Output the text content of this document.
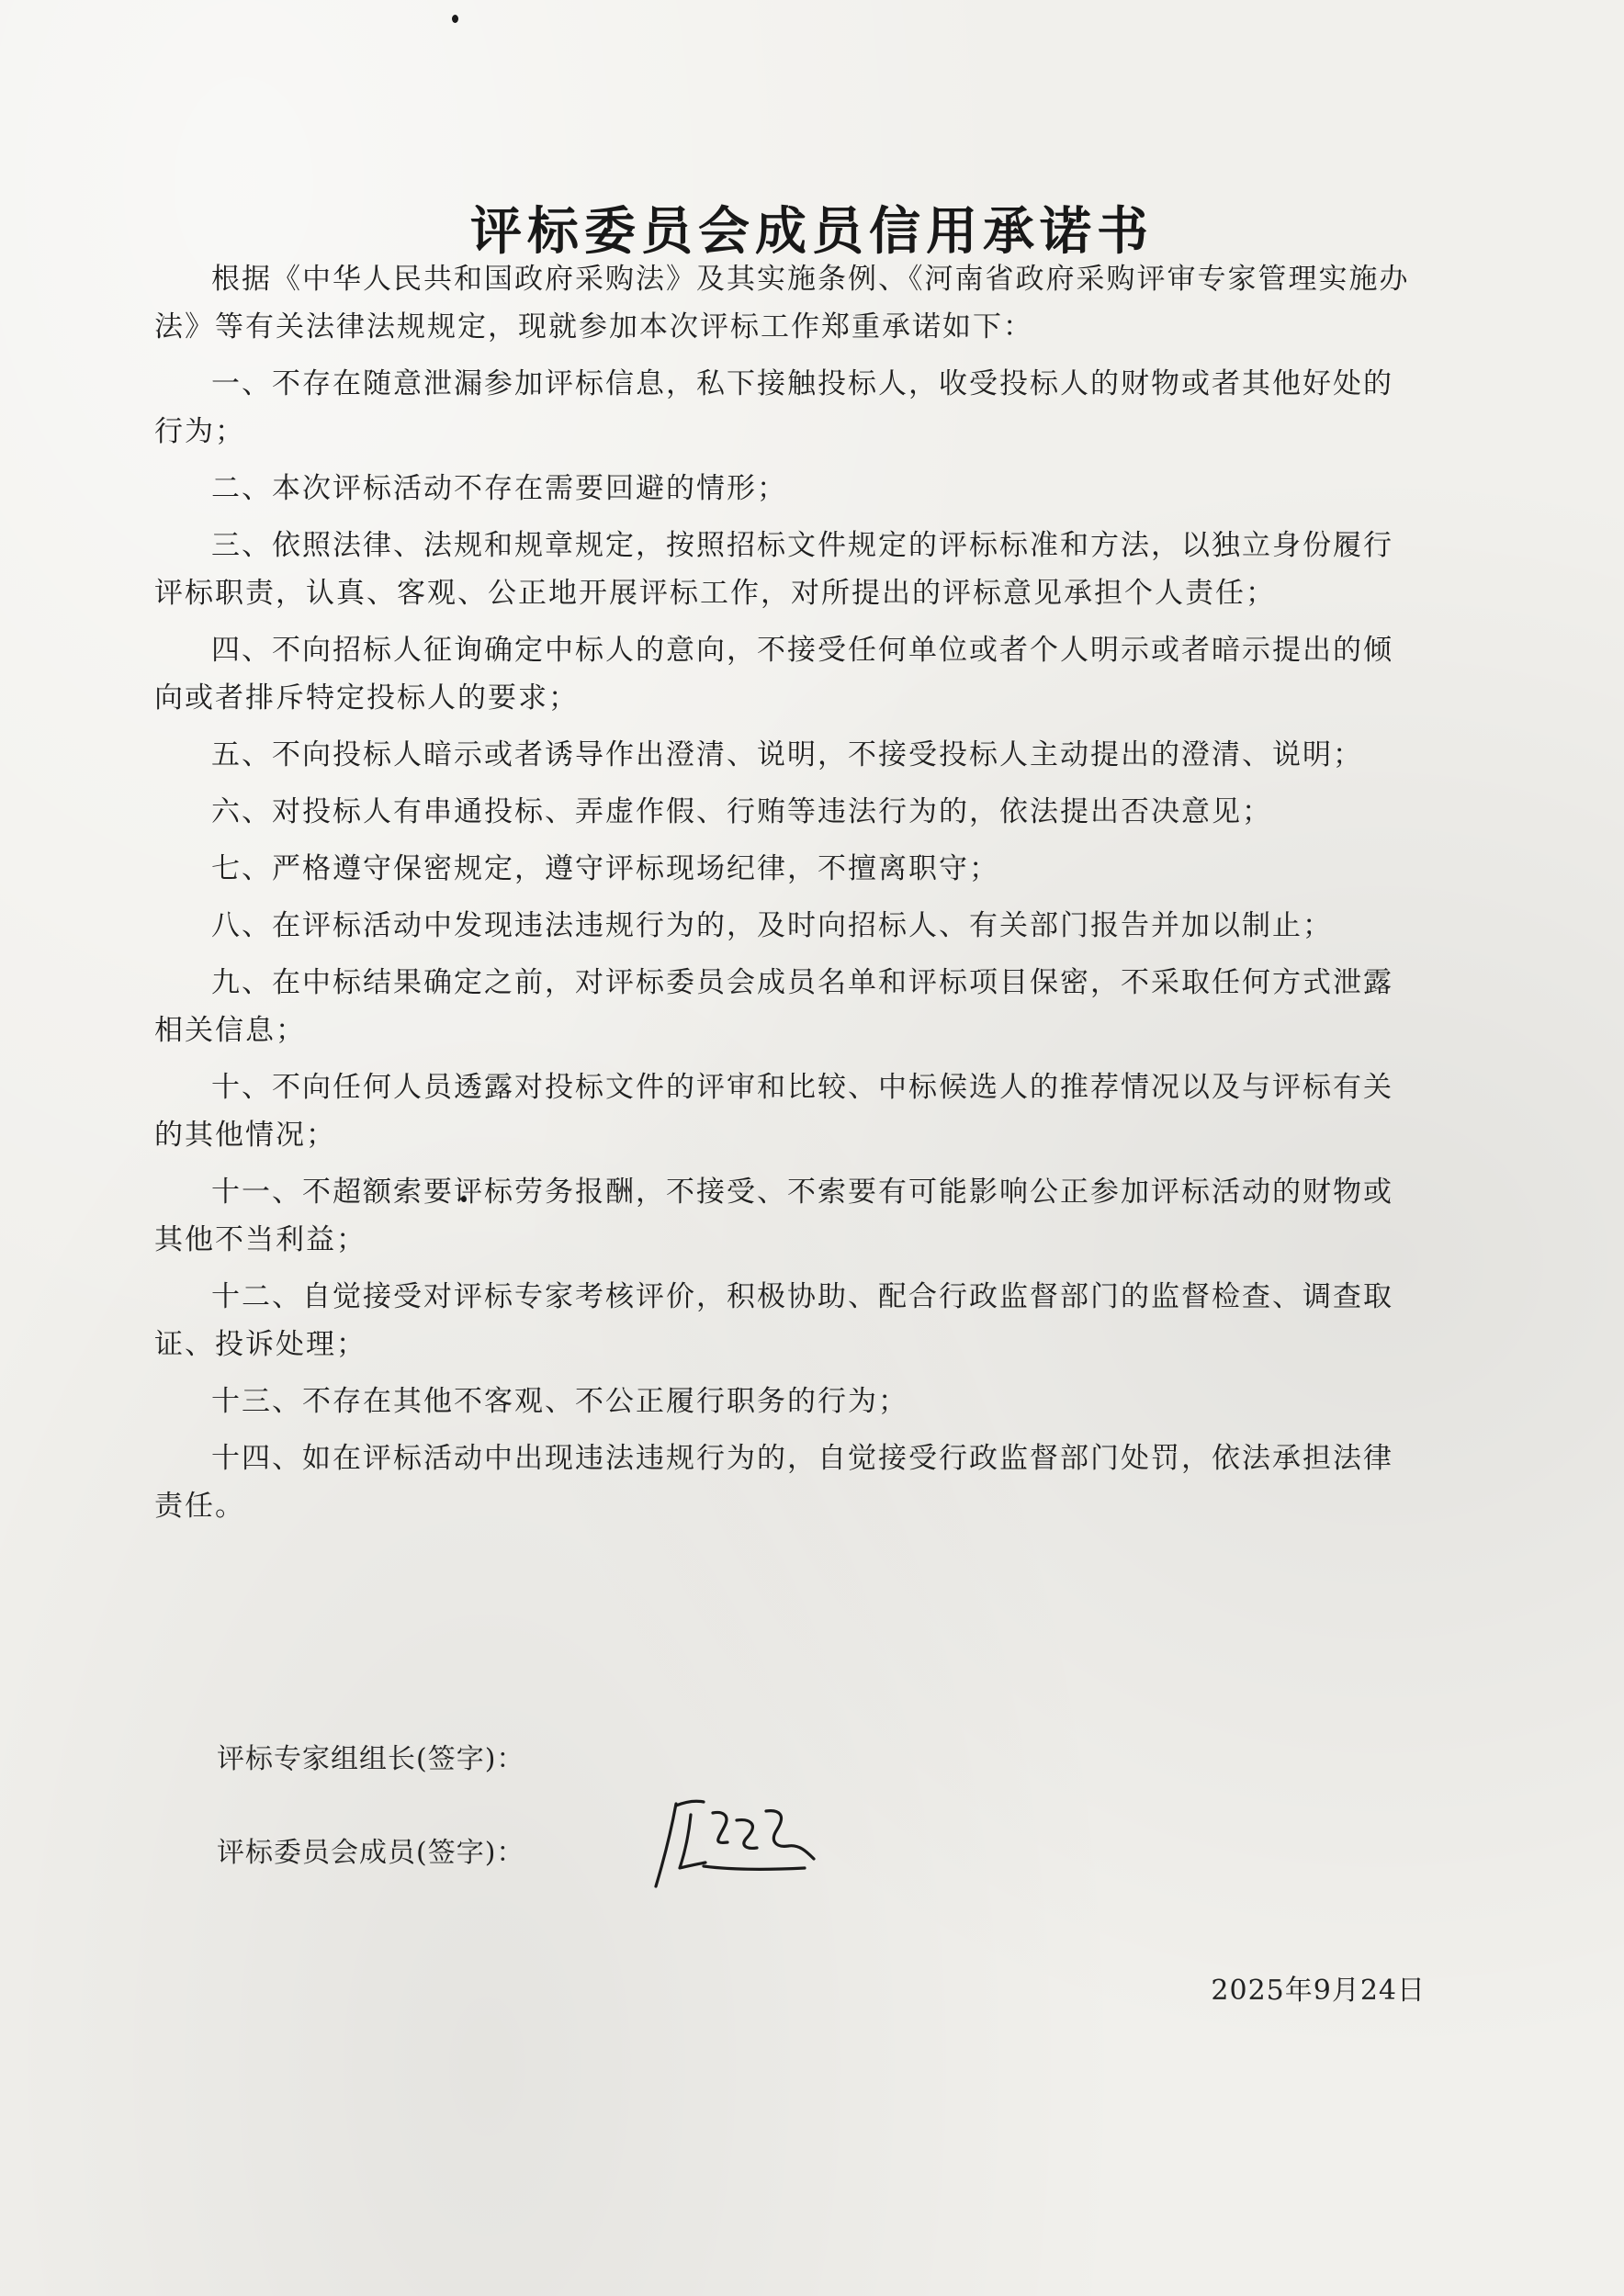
评标委员会成员信用承诺书

根据《中华人民共和国政府采购法》及其实施条例、《河南省政府采购评审专家管理实施办法》等有关法律法规规定，现就参加本次评标工作郑重承诺如下：

一、不存在随意泄漏参加评标信息，私下接触投标人，收受投标人的财物或者其他好处的行为；

二、本次评标活动不存在需要回避的情形；

三、依照法律、法规和规章规定，按照招标文件规定的评标标准和方法，以独立身份履行评标职责，认真、客观、公正地开展评标工作，对所提出的评标意见承担个人责任；

四、不向招标人征询确定中标人的意向，不接受任何单位或者个人明示或者暗示提出的倾向或者排斥特定投标人的要求；

五、不向投标人暗示或者诱导作出澄清、说明，不接受投标人主动提出的澄清、说明；

六、对投标人有串通投标、弄虚作假、行贿等违法行为的，依法提出否决意见；

七、严格遵守保密规定，遵守评标现场纪律，不擅离职守；

八、在评标活动中发现违法违规行为的，及时向招标人、有关部门报告并加以制止；

九、在中标结果确定之前，对评标委员会成员名单和评标项目保密，不采取任何方式泄露相关信息；

十、不向任何人员透露对投标文件的评审和比较、中标候选人的推荐情况以及与评标有关的其他情况；

十一、不超额索要评标劳务报酬，不接受、不索要有可能影响公正参加评标活动的财物或其他不当利益；

十二、自觉接受对评标专家考核评价，积极协助、配合行政监督部门的监督检查、调查取证、投诉处理；

十三、不存在其他不客观、不公正履行职务的行为；

十四、如在评标活动中出现违法违规行为的，自觉接受行政监督部门处罚，依法承担法律责任。

评标专家组组长(签字)：
评标委员会成员(签字)：
2025年9月24日
